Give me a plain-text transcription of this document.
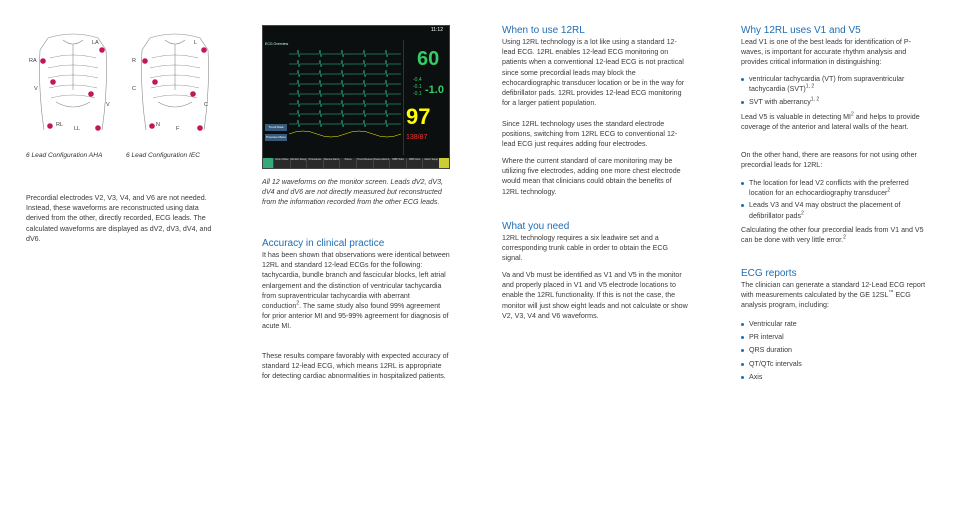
RA
LA
V
V
RL
LL
R
L
C
C
N
F
6 Lead Configuration AHA	6 Lead Configuration IEC

Precordial electrodes V2, V3, V4, and V6 are not needed. Instead, these waveforms are reconstructed using data derived from the other, directly recorded, ECG leads. The calculated waveforms are displayed as dV2, dV3, dV4, and dV6.

11:12
ECG Overview
60
-0.4
-0.1
-0.1 -1.0
97
138/87
Trend Data
Previous Menu
Zoom Wave Monitor Setup Procedures	Silence Alarm	Pause	Trend Review Pause Alarms	NIBP Start	NIBP Auto	Alarm Setup

All 12 waveforms on the monitor screen. Leads dV2, dV3, dV4 and dV6 are not directly measured but reconstructed from the information recorded from the other ECG leads.

Accuracy in clinical practice

It has been shown that observations were identical between 12RL and standard 12-lead ECGs for the following: tachycardia, bundle branch and fascicular blocks, left atrial enlargement and the distinction of ventricular tachycardia from supraventricular tachycardia with aberrant conduction$^2$. The same study also found 99% agreement for prior anterior MI and 95-99% agreement for diagnosis of acute MI.

These results compare favorably with expected accuracy of standard 12-lead ECG, which means 12RL is appropriate for detecting cardiac abnormalities in hospitalized patients.

When to use 12RL

Using 12RL technology is a lot like using a standard 12-lead ECG. 12RL enables 12-lead ECG monitoring on patients when a conventional 12-lead ECG is not practical since some precordial leads may block the echocardiographic transducer location or be in the way for defibrillator pads. 12RL provides 12-lead ECG monitoring for a larger patient population.

Since 12RL technology uses the standard electrode positions, switching from 12RL ECG to conventional 12-lead ECG just requires adding four electrodes.

Where the current standard of care monitoring may be utilizing five electrodes, adding one more chest electrode would mean that clinicians could obtain the benefits of 12RL technology.

What you need

12RL technology requires a six leadwire set and a corresponding trunk cable in order to obtain the ECG signal.

Va and Vb must be identified as V1 and V5 in the monitor and properly placed in V1 and V5 electrode locations to enable the 12RL functionality. If this is not the case, the monitor will just show eight leads and not calculate or show V2, V3, V4 and V6 waveforms.

Why 12RL uses V1 and V5

Lead V1 is one of the best leads for identification of P-waves, is important for accurate rhythm analysis and provides critical information in distinguishing:

ventricular tachycardia (VT) from supraventricular tachycardia (SVT)$^{1, 2}$
SVT with aberrancy$^{1, 2}$

Lead V5 is valuable in detecting $MI^2$ and helps to provide coverage of the anterior and lateral walls of the heart.

On the other hand, there are reasons for not using other precordial leads for 12RL:

The location for lead V2 conflicts with the preferred location for an echocardiography transducer$^2$
Leads V3 and V4 may obstruct the placement of defibrillator pads$^2$

Calculating the other four precordial leads from V1 and V5 can be done with very little error.$^2$

ECG reports

The clinician can generate a standard 12-Lead ECG report with measurements calculated by the GE 12SL™ ECG analysis program, including:

Ventricular rate
PR interval
QRS duration
QT/QTc intervals
Axis
